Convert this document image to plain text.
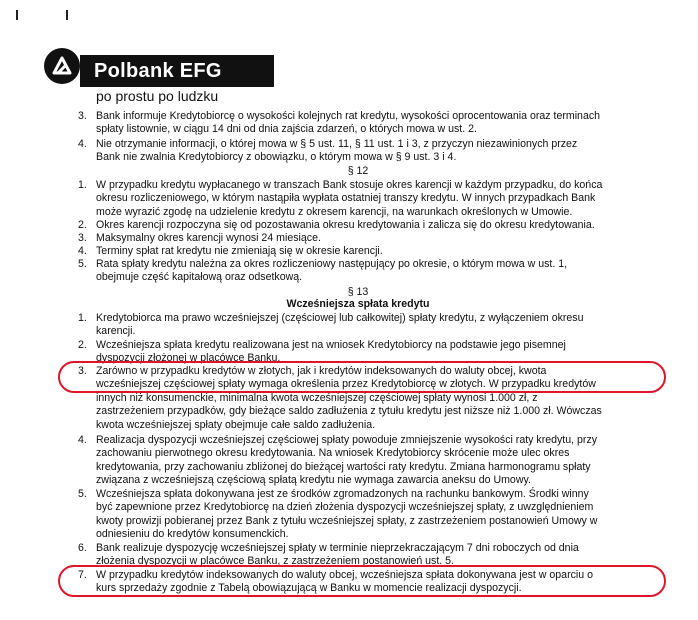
Polbank EFG
po prostu po ludzku
3. Bank informuje Kredytobiorcę o wysokości kolejnych rat kredytu, wysokości oprocentowania oraz terminach
spłaty listownie, w ciągu 14 dni od dnia zajścia zdarzeń, o których mowa w ust. 2.
4. Nie otrzymanie informacji, o której mowa w § 5 ust. 11, § 11 ust. 1 i 3, z przyczyn niezawinionych przez
Bank nie zwalnia Kredytobiorcy z obowiązku, o którym mowa w § 9 ust. 3 i 4.
§ 12
1. W przypadku kredytu wypłacanego w transzach Bank stosuje okres karencji w każdym przypadku, do końca
okresu rozliczeniowego, w którym nastąpiła wypłata ostatniej transzy kredytu. W innych przypadkach Bank
może wyrazić zgodę na udzielenie kredytu z okresem karencji, na warunkach określonych w Umowie.
2. Okres karencji rozpoczyna się od pozostawania okresu kredytowania i zalicza się do okresu kredytowania.
3. Maksymalny okres karencji wynosi 24 miesiące.
4. Terminy spłat rat kredytu nie zmieniają się w okresie karencji.
5. Rata spłaty kredytu należna za okres rozliczeniowy następujący po okresie, o którym mowa w ust. 1,
obejmuje część kapitałową oraz odsetkową.
§ 13
Wcześniejsza spłata kredytu
1. Kredytobiorca ma prawo wcześniejszej (częściowej lub całkowitej) spłaty kredytu, z wyłączeniem okresu
karencji.
2. Wcześniejsza spłata kredytu realizowana jest na wniosek Kredytobiorcy na podstawie jego pisemnej
dyspozycji złożonej w placówce Banku.
3. Zarówno w przypadku kredytów w złotych, jak i kredytów indeksowanych do waluty obcej, kwota
wcześniejszej częściowej spłaty wymaga określenia przez Kredytobiorcę w złotych. W przypadku kredytów
innych niż konsumenckie, minimalna kwota wcześniejszej częściowej spłaty wynosi 1.000 zł, z
zastrzeżeniem przypadków, gdy bieżące saldo zadłużenia z tytułu kredytu jest niższe niż 1.000 zł. Wówczas
kwota wcześniejszej spłaty obejmuje całe saldo zadłużenia.
4. Realizacja dyspozycji wcześniejszej częściowej spłaty powoduje zmniejszenie wysokości raty kredytu, przy
zachowaniu pierwotnego okresu kredytowania. Na wniosek Kredytobiorcy skrócenie może ulec okres
kredytowania, przy zachowaniu zbliżonej do bieżącej wartości raty kredytu. Zmiana harmonogramu spłaty
związana z wcześniejszą częściową spłatą kredytu nie wymaga zawarcia aneksu do Umowy.
5. Wcześniejsza spłata dokonywana jest ze środków zgromadzonych na rachunku bankowym. Środki winny
być zapewnione przez Kredytobiorcę na dzień złożenia dyspozycji wcześniejszej spłaty, z uwzględnieniem
kwoty prowizji pobieranej przez Bank z tytułu wcześniejszej spłaty, z zastrzeżeniem postanowień Umowy w
odniesieniu do kredytów konsumenckich.
6. Bank realizuje dyspozycję wcześniejszej spłaty w terminie nieprzekraczającym 7 dni roboczych od dnia
złożenia dyspozycji w placówce Banku, z zastrzeżeniem postanowień ust. 5.
7. W przypadku kredytów indeksowanych do waluty obcej, wcześniejsza spłata dokonywana jest w oparciu o
kurs sprzedaży zgodnie z Tabelą obowiązującą w Banku w momencie realizacji dyspozycji.
